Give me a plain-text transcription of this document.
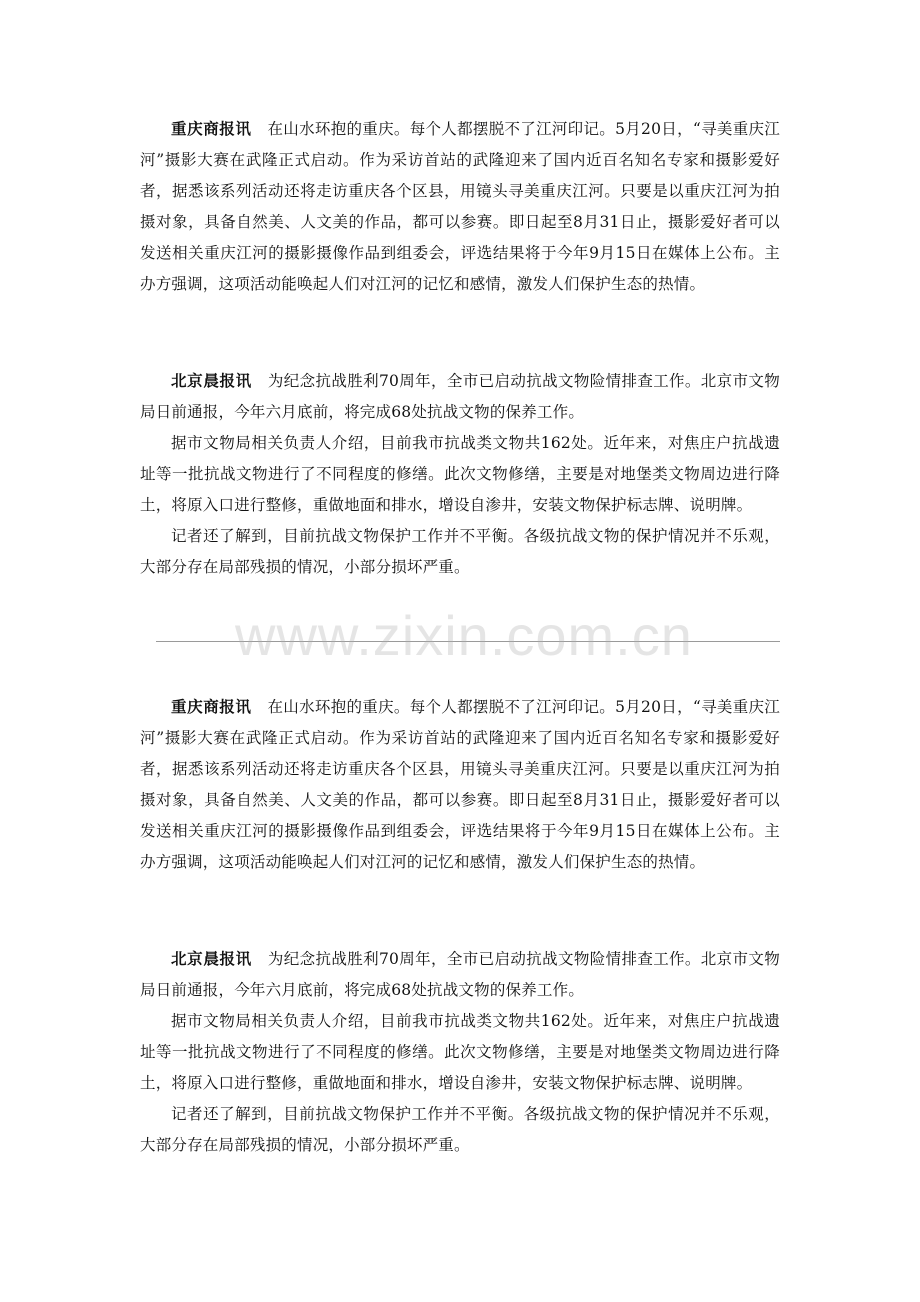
重庆商报讯 在山水环抱的重庆。每个人都摆脱不了江河印记。5月20日，“寻美重庆江河”摄影大赛在武隆正式启动。作为采访首站的武隆迎来了国内近百名知名专家和摄影爱好者，据悉该系列活动还将走访重庆各个区县，用镜头寻美重庆江河。只要是以重庆江河为拍摄对象，具备自然美、人文美的作品，都可以参赛。即日起至8月31日止，摄影爱好者可以发送相关重庆江河的摄影摄像作品到组委会，评选结果将于今年9月15日在媒体上公布。主办方强调，这项活动能唤起人们对江河的记忆和感情，激发人们保护生态的热情。

北京晨报讯 为纪念抗战胜利70周年，全市已启动抗战文物险情排查工作。北京市文物局日前通报，今年六月底前，将完成68处抗战文物的保养工作。

据市文物局相关负责人介绍，目前我市抗战类文物共162处。近年来，对焦庄户抗战遗址等一批抗战文物进行了不同程度的修缮。此次文物修缮，主要是对地堡类文物周边进行降土，将原入口进行整修，重做地面和排水，增设自渗井，安装文物保护标志牌、说明牌。

记者还了解到，目前抗战文物保护工作并不平衡。各级抗战文物的保护情况并不乐观，大部分存在局部残损的情况，小部分损坏严重。

www.zixin.com.cn

重庆商报讯 在山水环抱的重庆。每个人都摆脱不了江河印记。5月20日，“寻美重庆江河”摄影大赛在武隆正式启动。作为采访首站的武隆迎来了国内近百名知名专家和摄影爱好者，据悉该系列活动还将走访重庆各个区县，用镜头寻美重庆江河。只要是以重庆江河为拍摄对象，具备自然美、人文美的作品，都可以参赛。即日起至8月31日止，摄影爱好者可以发送相关重庆江河的摄影摄像作品到组委会，评选结果将于今年9月15日在媒体上公布。主办方强调，这项活动能唤起人们对江河的记忆和感情，激发人们保护生态的热情。

北京晨报讯 为纪念抗战胜利70周年，全市已启动抗战文物险情排查工作。北京市文物局日前通报，今年六月底前，将完成68处抗战文物的保养工作。

据市文物局相关负责人介绍，目前我市抗战类文物共162处。近年来，对焦庄户抗战遗址等一批抗战文物进行了不同程度的修缮。此次文物修缮，主要是对地堡类文物周边进行降土，将原入口进行整修，重做地面和排水，增设自渗井，安装文物保护标志牌、说明牌。

记者还了解到，目前抗战文物保护工作并不平衡。各级抗战文物的保护情况并不乐观，大部分存在局部残损的情况，小部分损坏严重。
